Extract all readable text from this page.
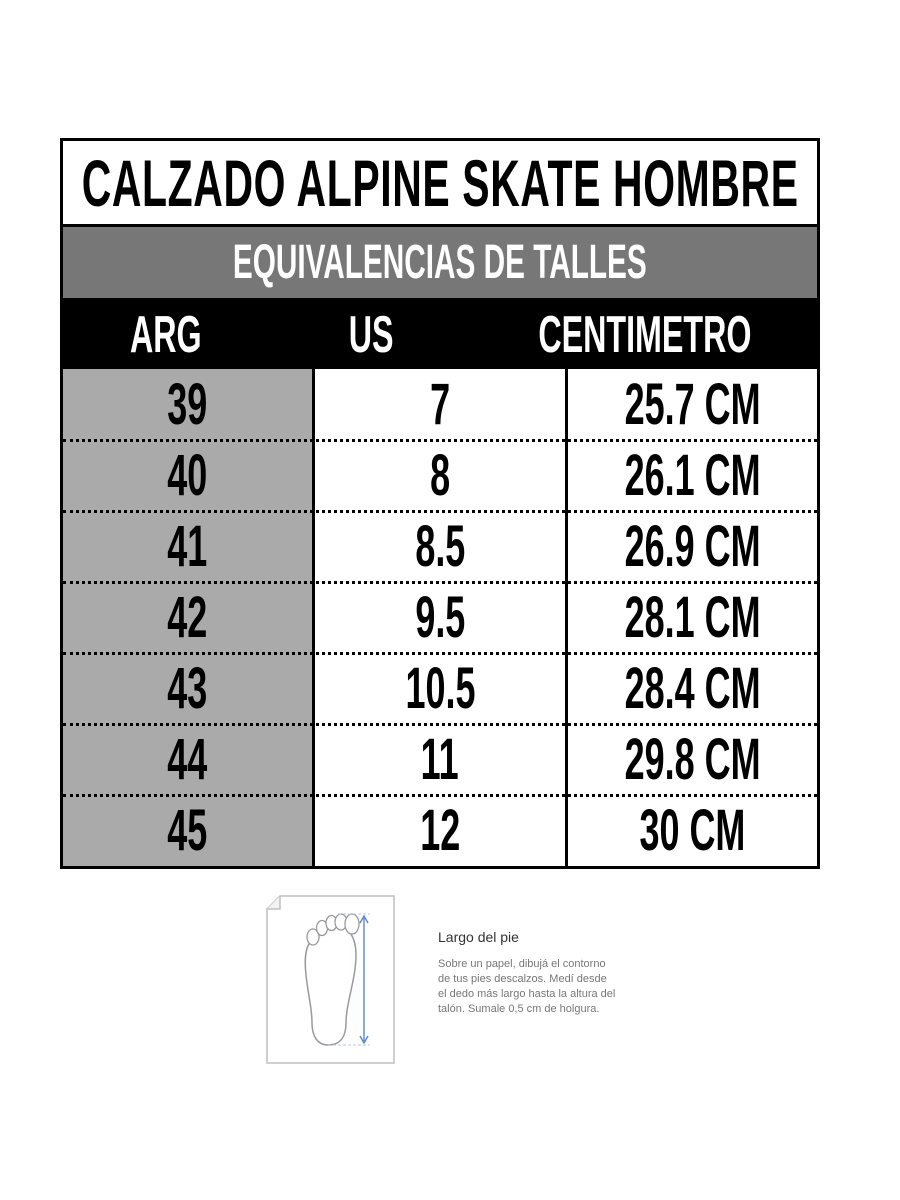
CALZADO ALPINE SKATE HOMBRE
EQUIVALENCIAS DE TALLES
ARG	US	CENTIMETRO
39	7	25.7 CM
40	8	26.1 CM
41	8.5	26.9 CM
42	9.5	28.1 CM
43	10.5	28.4 CM
44	11	29.8 CM
45	12	30 CM
Largo del pie
Sobre un papel, dibujá el contorno de tus pies descalzos. Medí desde el dedo más largo hasta la altura del talón. Sumale 0,5 cm de holgura.
